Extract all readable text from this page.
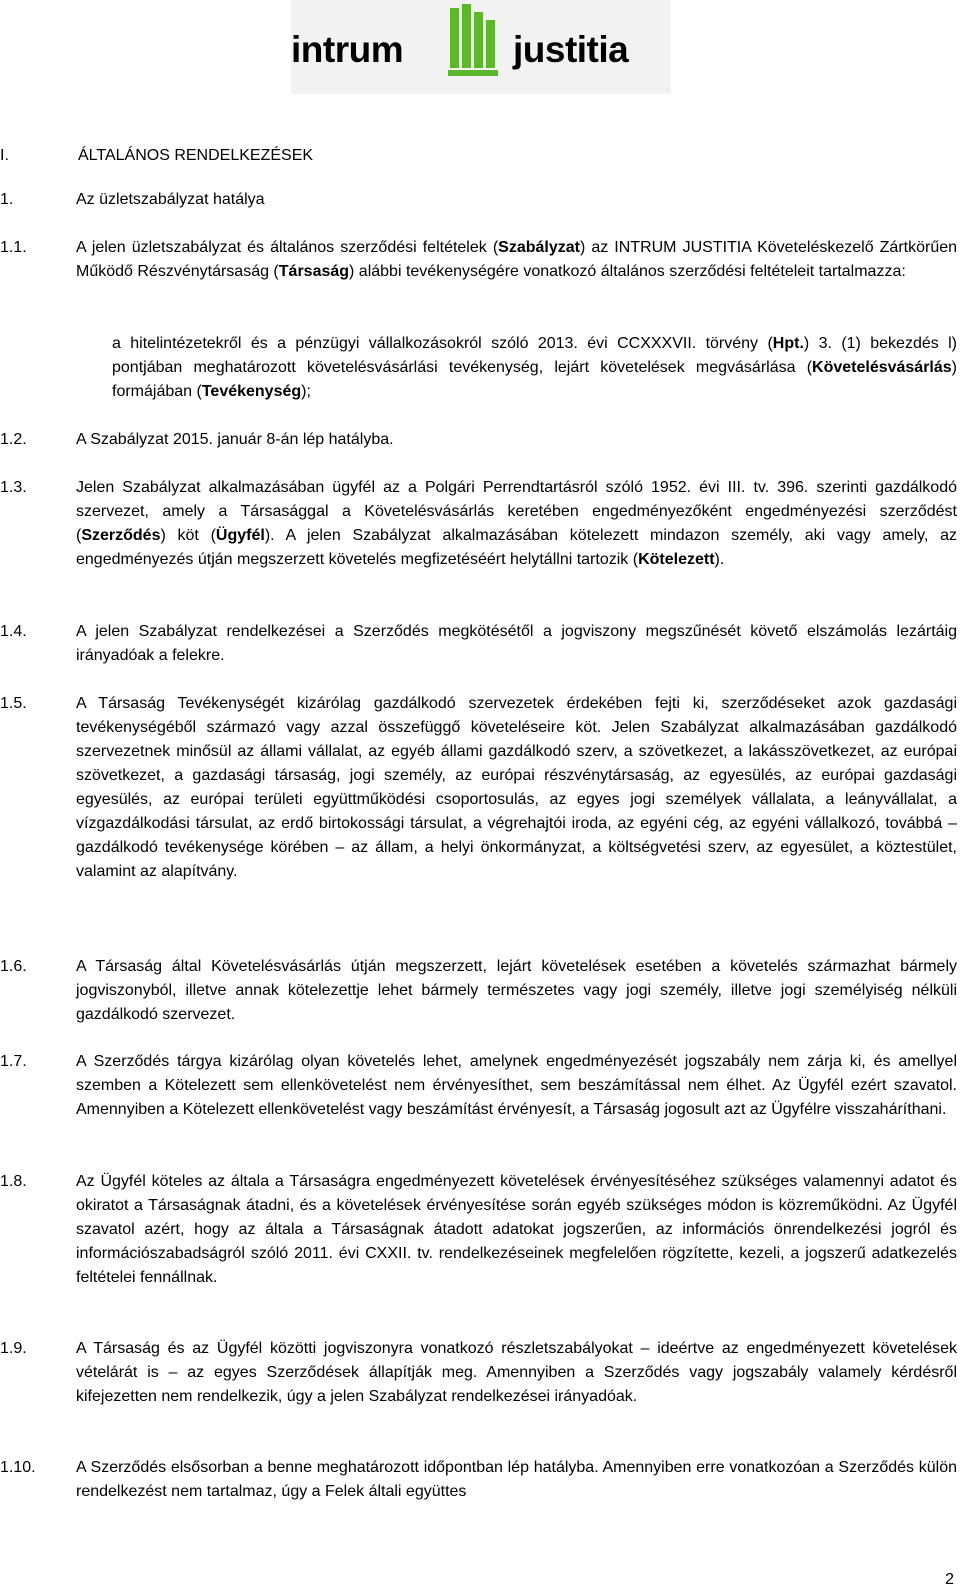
intrum	justitia
I.	ÁLTALÁNOS RENDELKEZÉSEK
1.	Az üzletszabályzat hatálya
1.1.	A jelen üzletszabályzat és általános szerződési feltételek (Szabályzat) az INTRUM JUSTITIA Követeléskezelő Zártkörűen Működő Részvénytársaság (Társaság) alábbi tevékenységére vonatkozó általános szerződési feltételeit tartalmazza:
a hitelintézetekről és a pénzügyi vállalkozásokról szóló 2013. évi CCXXXVII. törvény (Hpt.) 3. (1) bekezdés l) pontjában meghatározott követelésvásárlási tevékenység, lejárt követelések megvásárlása (Követelésvásárlás) formájában (Tevékenység);
1.2.	A Szabályzat 2015. január 8-án lép hatályba.
1.3.	Jelen Szabályzat alkalmazásában ügyfél az a Polgári Perrendtartásról szóló 1952. évi III. tv. 396. szerinti gazdálkodó szervezet, amely a Társasággal a Követelésvásárlás keretében engedményezőként engedményezési szerződést (Szerződés) köt (Ügyfél). A jelen Szabályzat alkalmazásában kötelezett mindazon személy, aki vagy amely, az engedményezés útján megszerzett követelés megfizetéséért helytállni tartozik (Kötelezett).
1.4.	A jelen Szabályzat rendelkezései a Szerződés megkötésétől a jogviszony megszűnését követő elszámolás lezártáig irányadóak a felekre.
1.5.	A Társaság Tevékenységét kizárólag gazdálkodó szervezetek érdekében fejti ki, szerződéseket azok gazdasági tevékenységéből származó vagy azzal összefüggő követeléseire köt. Jelen Szabályzat alkalmazásában gazdálkodó szervezetnek minősül az állami vállalat, az egyéb állami gazdálkodó szerv, a szövetkezet, a lakásszövetkezet, az európai szövetkezet, a gazdasági társaság, jogi személy, az európai részvénytársaság, az egyesülés, az európai gazdasági egyesülés, az európai területi együttműködési csoportosulás, az egyes jogi személyek vállalata, a leányvállalat, a vízgazdálkodási társulat, az erdő birtokossági társulat, a végrehajtói iroda, az egyéni cég, az egyéni vállalkozó, továbbá – gazdálkodó tevékenysége körében – az állam, a helyi önkormányzat, a költségvetési szerv, az egyesület, a köztestület, valamint az alapítvány.
1.6.	A Társaság által Követelésvásárlás útján megszerzett, lejárt követelések esetében a követelés származhat bármely jogviszonyból, illetve annak kötelezettje lehet bármely természetes vagy jogi személy, illetve jogi személyiség nélküli gazdálkodó szervezet.
1.7.	A Szerződés tárgya kizárólag olyan követelés lehet, amelynek engedményezését jogszabály nem zárja ki, és amellyel szemben a Kötelezett sem ellenkövetelést nem érvényesíthet, sem beszámítással nem élhet. Az Ügyfél ezért szavatol. Amennyiben a Kötelezett ellenkövetelést vagy beszámítást érvényesít, a Társaság jogosult azt az Ügyfélre visszaháríthani.
1.8.	Az Ügyfél köteles az általa a Társaságra engedményezett követelések érvényesítéséhez szükséges valamennyi adatot és okiratot a Társaságnak átadni, és a követelések érvényesítése során egyéb szükséges módon is közreműködni. Az Ügyfél szavatol azért, hogy az általa a Társaságnak átadott adatokat jogszerűen, az információs önrendelkezési jogról és információszabadságról szóló 2011. évi CXXII. tv. rendelkezéseinek megfelelően rögzítette, kezeli, a jogszerű adatkezelés feltételei fennállnak.
1.9.	A Társaság és az Ügyfél közötti jogviszonyra vonatkozó részletszabályokat – ideértve az engedményezett követelések vételárát is – az egyes Szerződések állapítják meg. Amennyiben a Szerződés vagy jogszabály valamely kérdésről kifejezetten nem rendelkezik, úgy a jelen Szabályzat rendelkezései irányadóak.
1.10.	A Szerződés elsősorban a benne meghatározott időpontban lép hatályba. Amennyiben erre vonatkozóan a Szerződés külön rendelkezést nem tartalmaz, úgy a Felek általi együttes
2
